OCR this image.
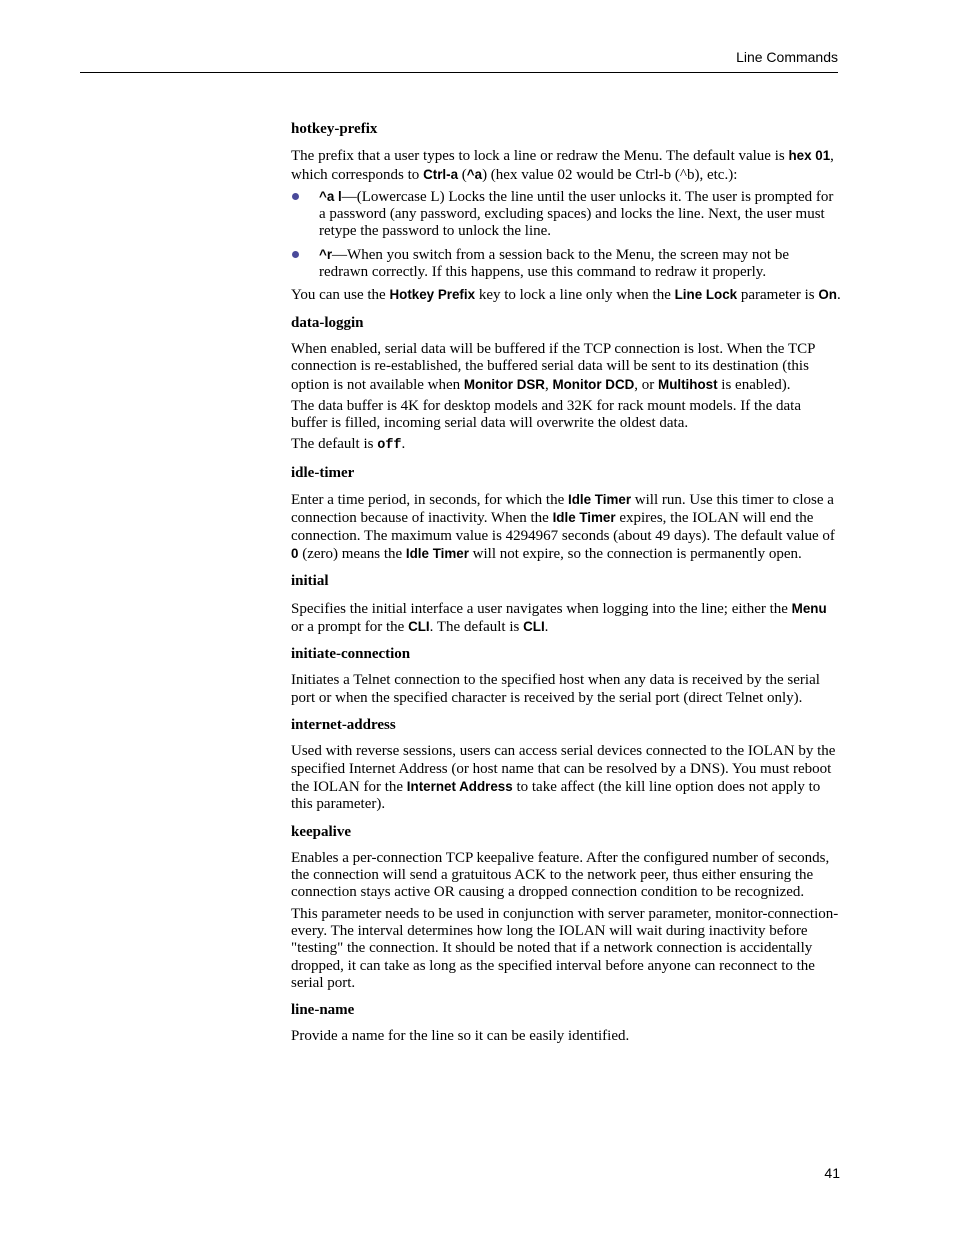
Line Commands
hotkey-prefix

The prefix that a user types to lock a line or redraw the Menu. The default value is hex 01, which corresponds to Ctrl-a (^a) (hex value 02 would be Ctrl-b (^b), etc.):

^a l—(Lowercase L) Locks the line until the user unlocks it. The user is prompted for a password (any password, excluding spaces) and locks the line. Next, the user must retype the password to unlock the line.
^r—When you switch from a session back to the Menu, the screen may not be redrawn correctly. If this happens, use this command to redraw it properly.

You can use the Hotkey Prefix key to lock a line only when the Line Lock parameter is On.

data-loggin

When enabled, serial data will be buffered if the TCP connection is lost. When the TCP connection is re-established, the buffered serial data will be sent to its destination (this option is not available when Monitor DSR, Monitor DCD, or Multihost is enabled).

The data buffer is 4K for desktop models and 32K for rack mount models. If the data buffer is filled, incoming serial data will overwrite the oldest data.

The default is off.

idle-timer

Enter a time period, in seconds, for which the Idle Timer will run. Use this timer to close a connection because of inactivity. When the Idle Timer expires, the IOLAN will end the connection. The maximum value is 4294967 seconds (about 49 days). The default value of 0 (zero) means the Idle Timer will not expire, so the connection is permanently open.

initial

Specifies the initial interface a user navigates when logging into the line; either the Menu or a prompt for the CLI. The default is CLI.

initiate-connection

Initiates a Telnet connection to the specified host when any data is received by the serial port or when the specified character is received by the serial port (direct Telnet only).

internet-address

Used with reverse sessions, users can access serial devices connected to the IOLAN by the specified Internet Address (or host name that can be resolved by a DNS). You must reboot the IOLAN for the Internet Address to take affect (the kill line option does not apply to this parameter).

keepalive

Enables a per-connection TCP keepalive feature. After the configured number of seconds, the connection will send a gratuitous ACK to the network peer, thus either ensuring the connection stays active OR causing a dropped connection condition to be recognized.

This parameter needs to be used in conjunction with server parameter, monitor-connection-every. The interval determines how long the IOLAN will wait during inactivity before "testing" the connection. It should be noted that if a network connection is accidentally dropped, it can take as long as the specified interval before anyone can reconnect to the serial port.

line-name

Provide a name for the line so it can be easily identified.

41
